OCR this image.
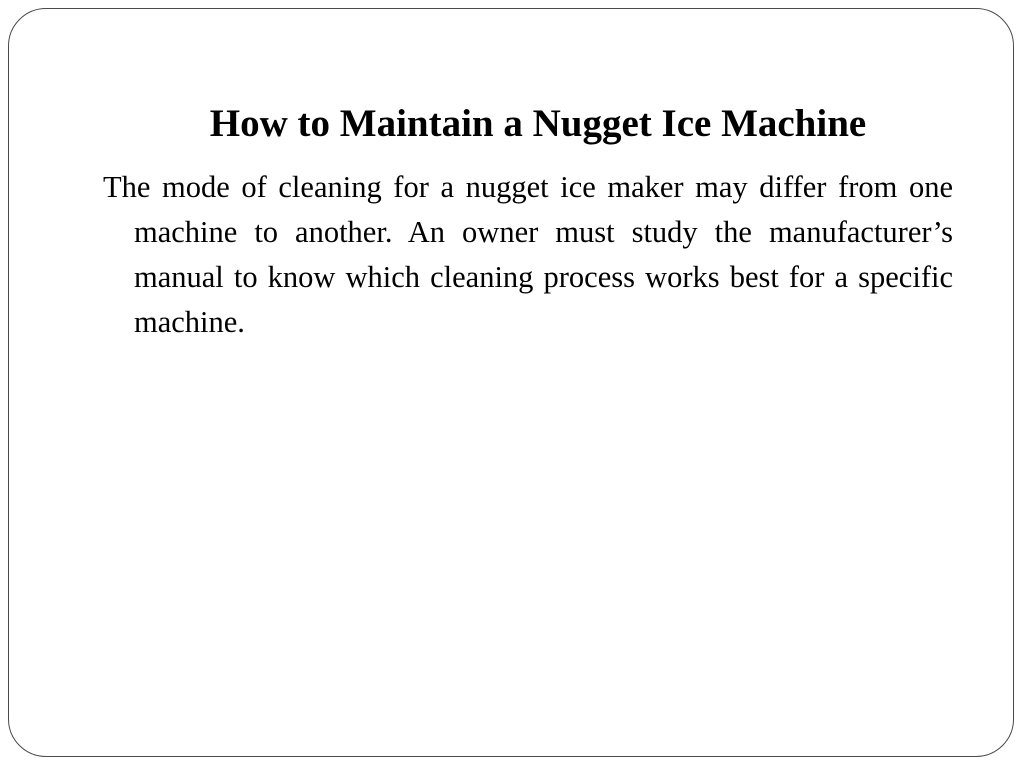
How to Maintain a Nugget Ice Machine

The mode of cleaning for a nugget ice maker may differ from one machine to another. An owner must study the manufacturer’s manual to know which cleaning process works best for a specific machine.
